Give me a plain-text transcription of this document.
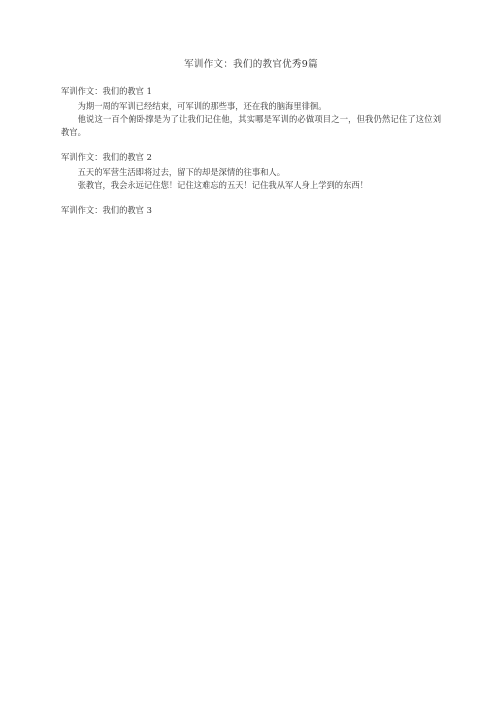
军训作文：我们的教官优秀9篇
军训作文：我们的教官 1

为期一周的军训已经结束，可军训的那些事，还在我的脑海里徘徊。

他说这一百个俯卧撑是为了让我们记住他，其实哪是军训的必做项目之一，但我仍然记住了这位刘教官。

军训作文：我们的教官 2

五天的军营生活即将过去，留下的却是深情的往事和人。

张教官，我会永远记住您！记住这难忘的五天！记住我从军人身上学到的东西！

军训作文：我们的教官 3
